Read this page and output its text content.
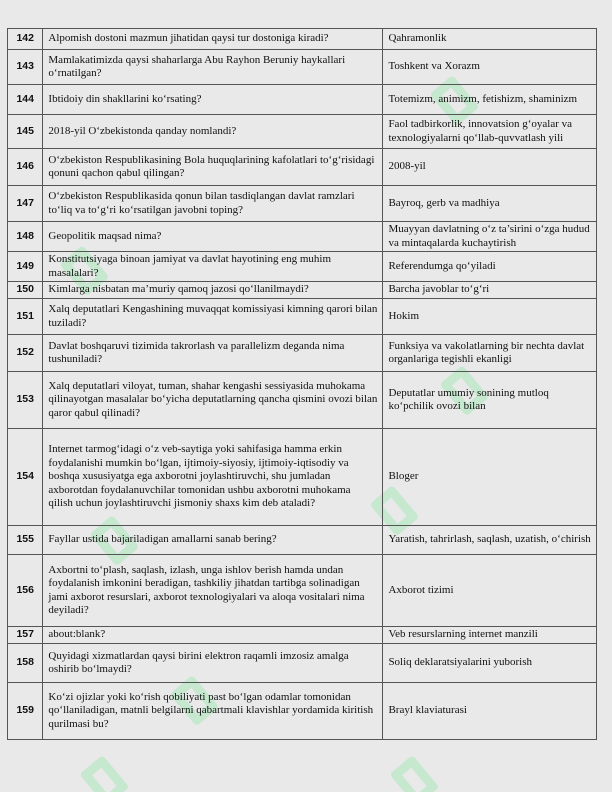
142	Alpomish dostoni mazmun jihatidan qaysi tur dostoniga kiradi?	Qahramonlik
143	Mamlakatimizda qaysi shaharlarga Abu Rayhon Beruniy haykallari o‘rnatilgan?	Toshkent va Xorazm
144	Ibtidoiy din shakllarini ko‘rsating?	Totemizm, animizm, fetishizm, shaminizm
145	2018-yil O‘zbekistonda qanday nomlandi?	Faol tadbirkorlik, innovatsion g‘oyalar va texnologiyalarni qo‘llab-quvvatlash yili
146	O‘zbekiston Respublikasining Bola huquqlarining kafolatlari to‘g‘risidagi qonuni qachon qabul qilingan?	2008-yil
147	O‘zbekiston Respublikasida qonun bilan tasdiqlangan davlat ramzlari to‘liq va to‘g‘ri ko‘rsatilgan javobni toping?	Bayroq, gerb va madhiya
148	Geopolitik maqsad nima?	Muayyan davlatning o‘z ta’sirini o‘zga hudud va mintaqalarda kuchaytirish
149	Konstitutsiyaga binoan jamiyat va davlat hayotining eng muhim masalalari?	Referendumga qo‘yiladi
150	Kimlarga nisbatan ma’muriy qamoq jazosi qo‘llanilmaydi?	Barcha javoblar to‘g‘ri
151	Xalq deputatlari Kengashining muvaqqat komissiyasi kimning qarori bilan tuziladi?	Hokim
152	Davlat boshqaruvi tizimida takrorlash va parallelizm deganda nima tushuniladi?	Funksiya va vakolatlarning bir nechta davlat organlariga tegishli ekanligi
153	Xalq deputatlari viloyat, tuman, shahar kengashi sessiyasida muhokama qilinayotgan masalalar bo‘yicha deputatlarning qancha qismini ovozi bilan qaror qabul qilinadi?	Deputatlar umumiy sonining mutloq ko‘pchilik ovozi bilan
154	Internet tarmog‘idagi o‘z veb-saytiga yoki sahifasiga hamma erkin foydalanishi mumkin bo‘lgan, ijtimoiy-siyosiy, ijtimoiy-iqtisodiy va boshqa xususiyatga ega axborotni joylashtiruvchi, shu jumladan axborotdan foydalanuvchilar tomonidan ushbu axborotni muhokama qilish uchun joylashtiruvchi jismoniy shaxs kim deb ataladi?	Bloger
155	Fayllar ustida bajariladigan amallarni sanab bering?	Yaratish, tahrirlash, saqlash, uzatish, o‘chirish
156	Axbortni to‘plash, saqlash, izlash, unga ishlov berish hamda undan foydalanish imkonini beradigan, tashkiliy jihatdan tartibga solinadigan jami axborot resurslari, axborot texnologiyalari va aloqa vositalari nima deyiladi?	Axborot tizimi
157	about:blank?	Veb resurslarning internet manzili
158	Quyidagi xizmatlardan qaysi birini elektron raqamli imzosiz amalga oshirib bo‘lmaydi?	Soliq deklaratsiyalarini yuborish
159	Ko‘zi ojizlar yoki ko‘rish qobiliyati past bo‘lgan odamlar tomonidan qo‘llaniladigan, matnli belgilarni qabartmali klavishlar yordamida kiritish qurilmasi bu?	Brayl klaviaturasi
